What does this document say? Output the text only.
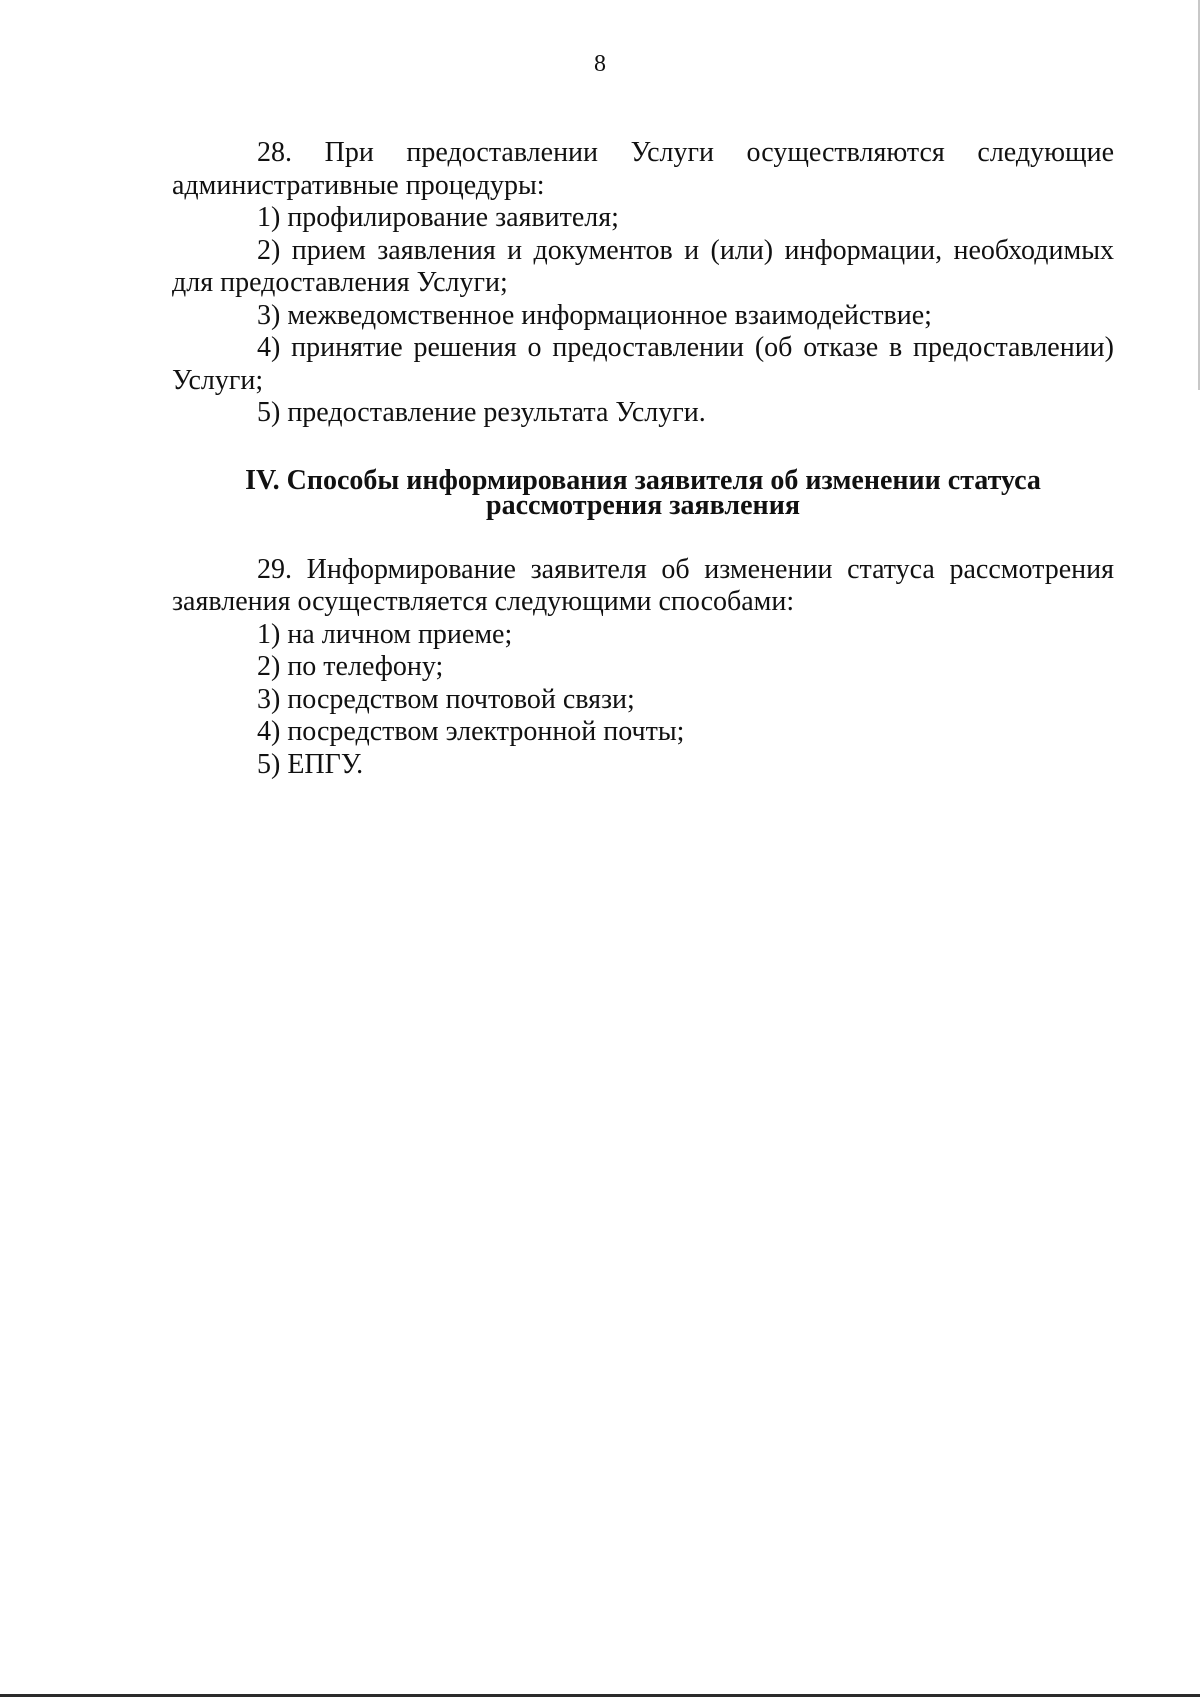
8

28. При предоставлении Услуги осуществляются следующие административные процедуры:

1) профилирование заявителя;

2) прием заявления и документов и (или) информации, необходимых для предоставления Услуги;

3) межведомственное информационное взаимодействие;

4) принятие решения о предоставлении (об отказе в предоставлении) Услуги;

5) предоставление результата Услуги.

IV. Способы информирования заявителя об изменении статуса рассмотрения заявления

29. Информирование заявителя об изменении статуса рассмотрения заявления осуществляется следующими способами:

1) на личном приеме;

2) по телефону;

3) посредством почтовой связи;

4) посредством электронной почты;

5) ЕПГУ.
